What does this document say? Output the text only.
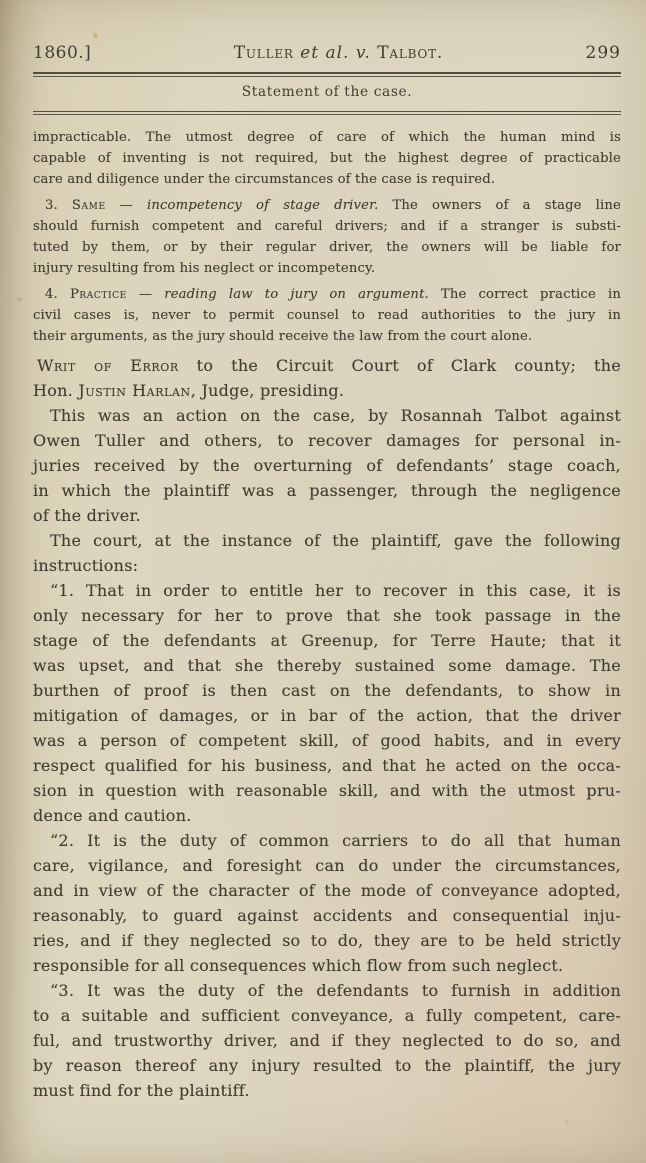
1860.]	Tuller et al. v. Talbot.	299
Statement of the case.
impracticable. The utmost degree of care of which the human mind is
capable of inventing is not required, but the highest degree of practicable
care and diligence under the circumstances of the case is required.
3. Same — incompetency of stage driver. The owners of a stage line
should furnish competent and careful drivers; and if a stranger is substi-
tuted by them, or by their regular driver, the owners will be liable for
injury resulting from his neglect or incompetency.
4. Practice — reading law to jury on argument. The correct practice in
civil cases is, never to permit counsel to read authorities to the jury in
their arguments, as the jury should receive the law from the court alone.
Writ of Error to the Circuit Court of Clark county; the
Hon. Justin Harlan, Judge, presiding.
This was an action on the case, by Rosannah Talbot against
Owen Tuller and others, to recover damages for personal in-
juries received by the overturning of defendants’ stage coach,
in which the plaintiff was a passenger, through the negligence
of the driver.
The court, at the instance of the plaintiff, gave the following
instructions:
“1. That in order to entitle her to recover in this case, it is
only necessary for her to prove that she took passage in the
stage of the defendants at Greenup, for Terre Haute; that it
was upset, and that she thereby sustained some damage. The
burthen of proof is then cast on the defendants, to show in
mitigation of damages, or in bar of the action, that the driver
was a person of competent skill, of good habits, and in every
respect qualified for his business, and that he acted on the occa-
sion in question with reasonable skill, and with the utmost pru-
dence and caution.
“2. It is the duty of common carriers to do all that human
care, vigilance, and foresight can do under the circumstances,
and in view of the character of the mode of conveyance adopted,
reasonably, to guard against accidents and consequential inju-
ries, and if they neglected so to do, they are to be held strictly
responsible for all consequences which flow from such neglect.
“3. It was the duty of the defendants to furnish in addition
to a suitable and sufficient conveyance, a fully competent, care-
ful, and trustworthy driver, and if they neglected to do so, and
by reason thereof any injury resulted to the plaintiff, the jury
must find for the plaintiff.
